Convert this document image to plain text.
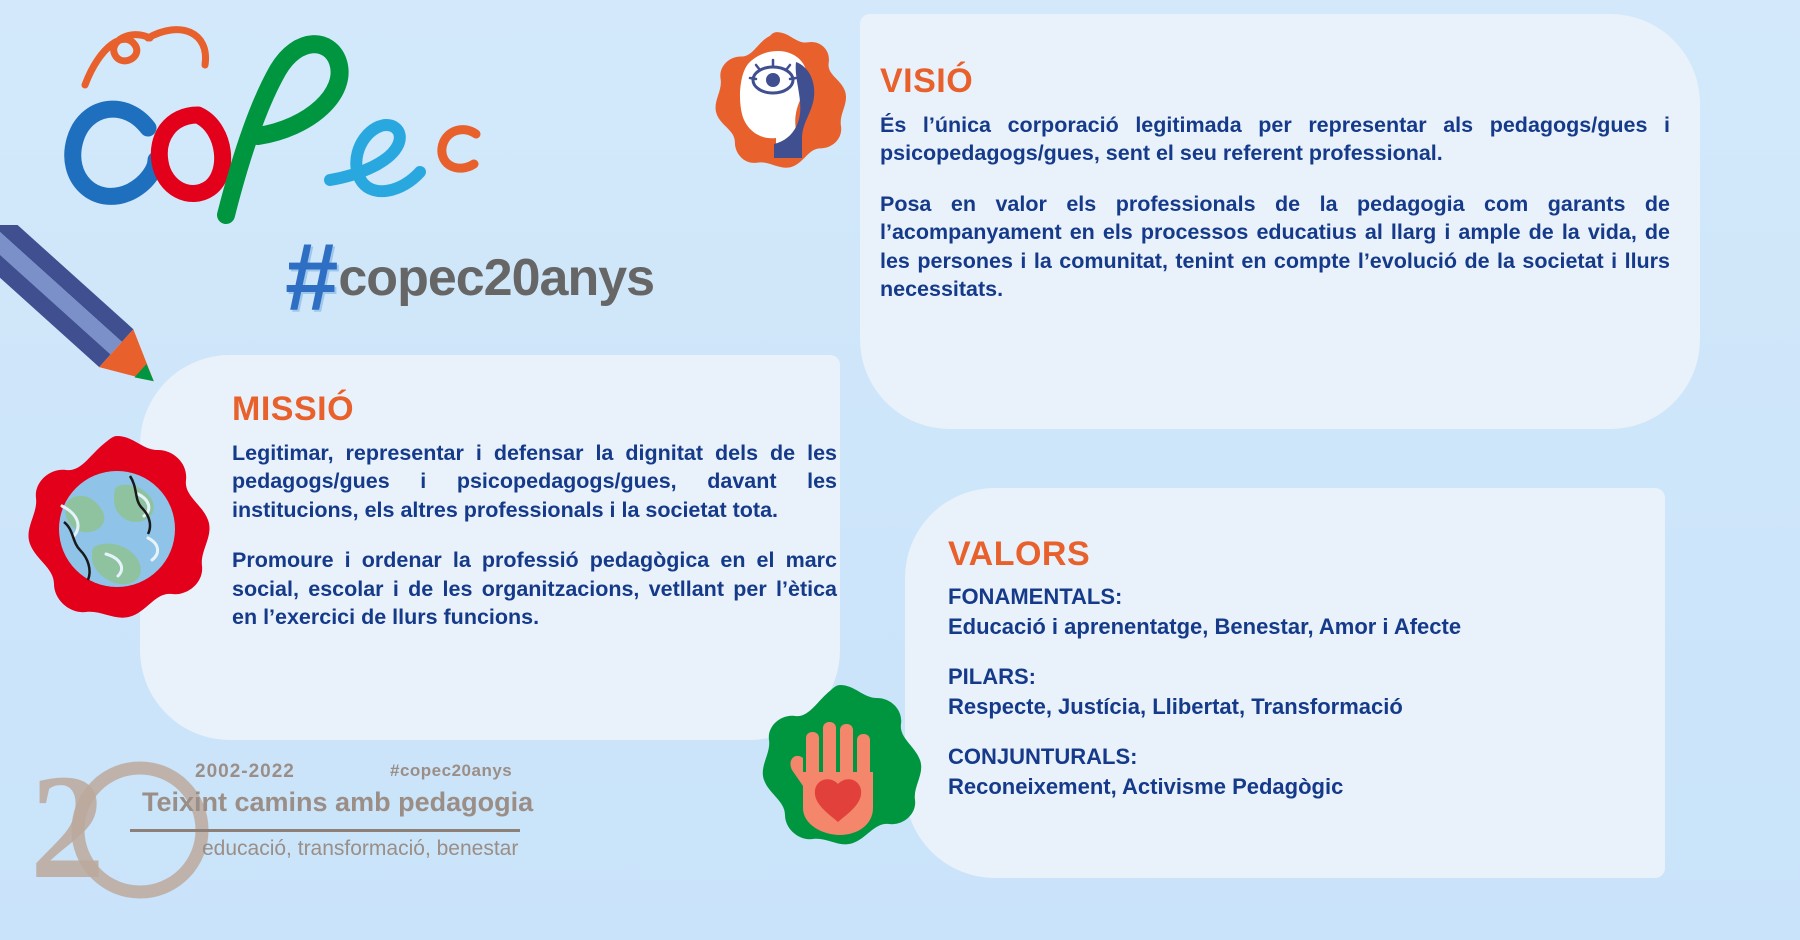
# copec20anys
VISIÓ

És l’única corporació legitimada per representar als pedagogs/gues i psicopedagogs/gues, sent el seu referent professional.

Posa en valor els professionals de la pedagogia com garants de l’acompanyament en els processos educatius al llarg i ample de la vida, de les persones i la comunitat, tenint en compte l’evolució de la societat i llurs necessitats.

MISSIÓ

Legitimar, representar i defensar la dignitat dels de les pedagogs/gues i psicopedagogs/gues, davant les institucions, els altres professionals i la societat tota.

Promoure i ordenar la professió pedagògica en el marc social, escolar i de les organitzacions, vetllant per l’ètica en l’exercici de llurs funcions.

VALORS

FONAMENTALS:

Educació i aprenentatge, Benestar, Amor i Afecte

PILARS:

Respecte, Justícia, Llibertat, Transformació

CONJUNTURALS:

Reconeixement, Activisme Pedagògic

2	2002-2022	#copec20anys
Teixint camins amb pedagogia
educació, transformació, benestar
